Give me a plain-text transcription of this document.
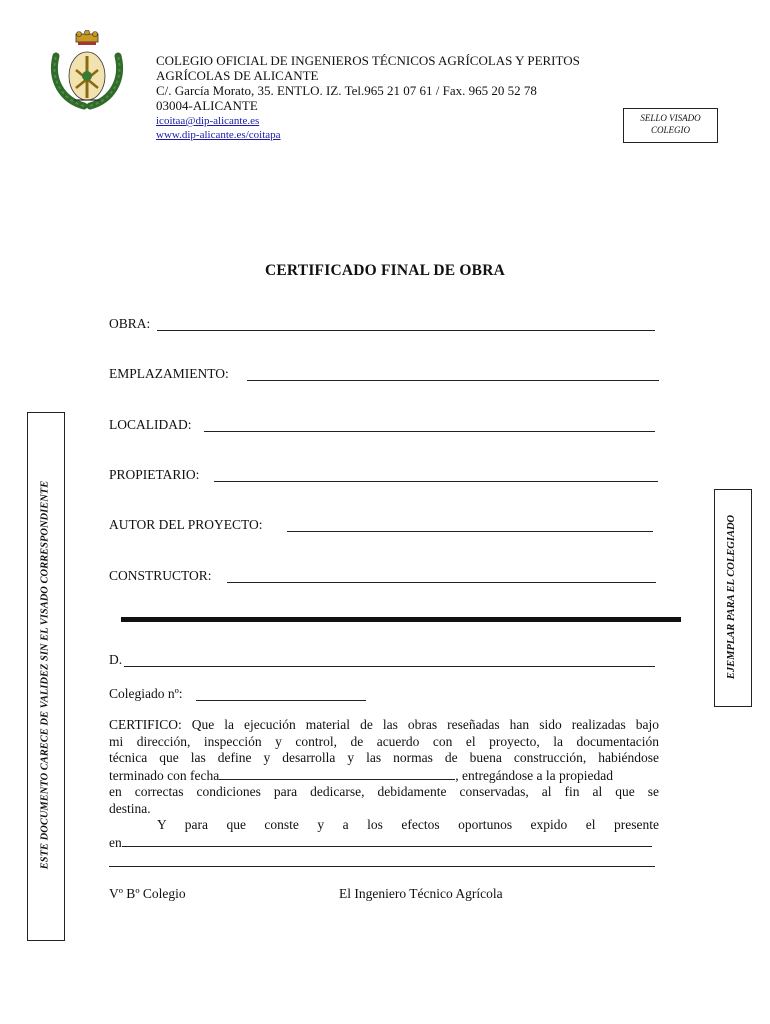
COLEGIO OFICIAL DE INGENIEROS TÉCNICOS AGRÍCOLAS Y PERITOS
AGRÍCOLAS DE ALICANTE
C/. García Morato, 35. ENTLO. IZ. Tel.965 21 07 61 / Fax. 965 20 52 78
03004-ALICANTE
icoitaa@dip-alicante.es
www.dip-alicante.es/coitapa
SELLO VISADO
COLEGIO
CERTIFICADO FINAL DE OBRA
OBRA:
EMPLAZAMIENTO:
LOCALIDAD:
PROPIETARIO:
AUTOR DEL PROYECTO:
CONSTRUCTOR:
D.
Colegiado nº:
CERTIFICO: Que la ejecución material de las obras reseñadas han sido realizadas bajo
mi dirección, inspección y control, de acuerdo con el proyecto, la documentación
técnica que las define y desarrolla y las normas de buena construcción, habiéndose
terminado con fecha	, entregándose a la propiedad
en correctas condiciones para dedicarse, debidamente conservadas, al fin al que se
destina.
Y para que conste y a los efectos oportunos expido el presente
en
Vº Bº Colegio	El Ingeniero Técnico Agrícola
ESTE DOCUMENTO CARECE DE VALIDEZ SIN EL VISADO CORRESPONDIENTE	EJEMPLAR PARA EL COLEGIADO
